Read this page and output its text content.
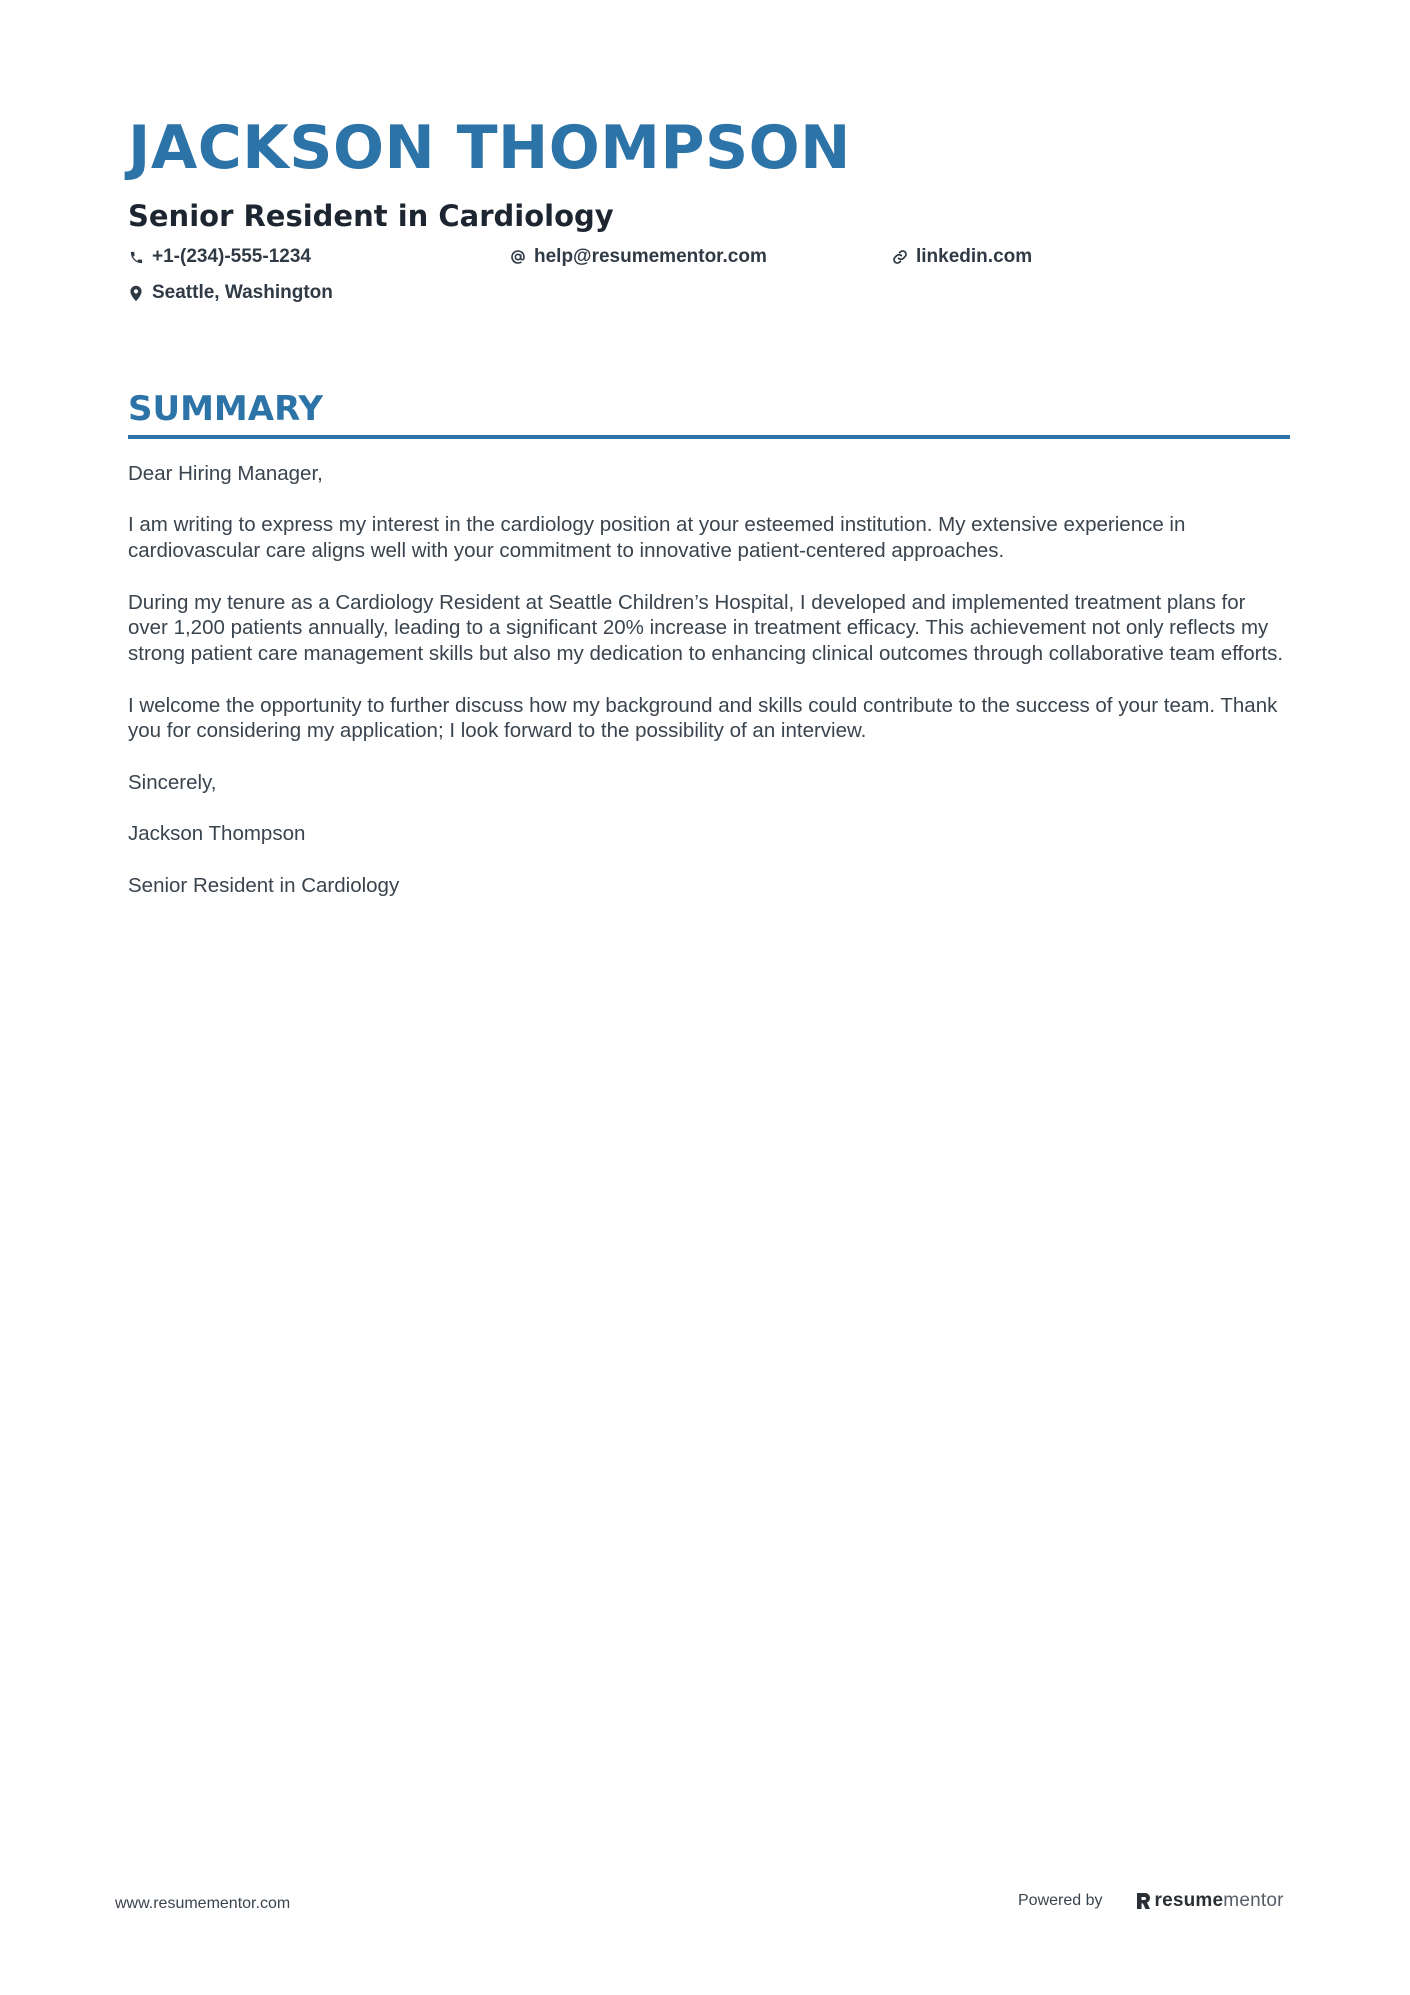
JACKSON THOMPSON
Senior Resident in Cardiology
+1-(234)-555-1234	help@resumementor.com	linkedin.com
Seattle, Washington
SUMMARY

Dear Hiring Manager,

I am writing to express my interest in the cardiology position at your esteemed institution. My extensive experience in cardiovascular care aligns well with your commitment to innovative patient-centered approaches.

During my tenure as a Cardiology Resident at Seattle Children’s Hospital, I developed and implemented treatment plans for over 1,200 patients annually, leading to a significant 20% increase in treatment efficacy. This achievement not only reflects my strong patient care management skills but also my dedication to enhancing clinical outcomes through collaborative team efforts.

I welcome the opportunity to further discuss how my background and skills could contribute to the success of your team. Thank you for considering my application; I look forward to the possibility of an interview.

Sincerely,

Jackson Thompson

Senior Resident in Cardiology

www.resumementor.com	Powered by	resume mentor
